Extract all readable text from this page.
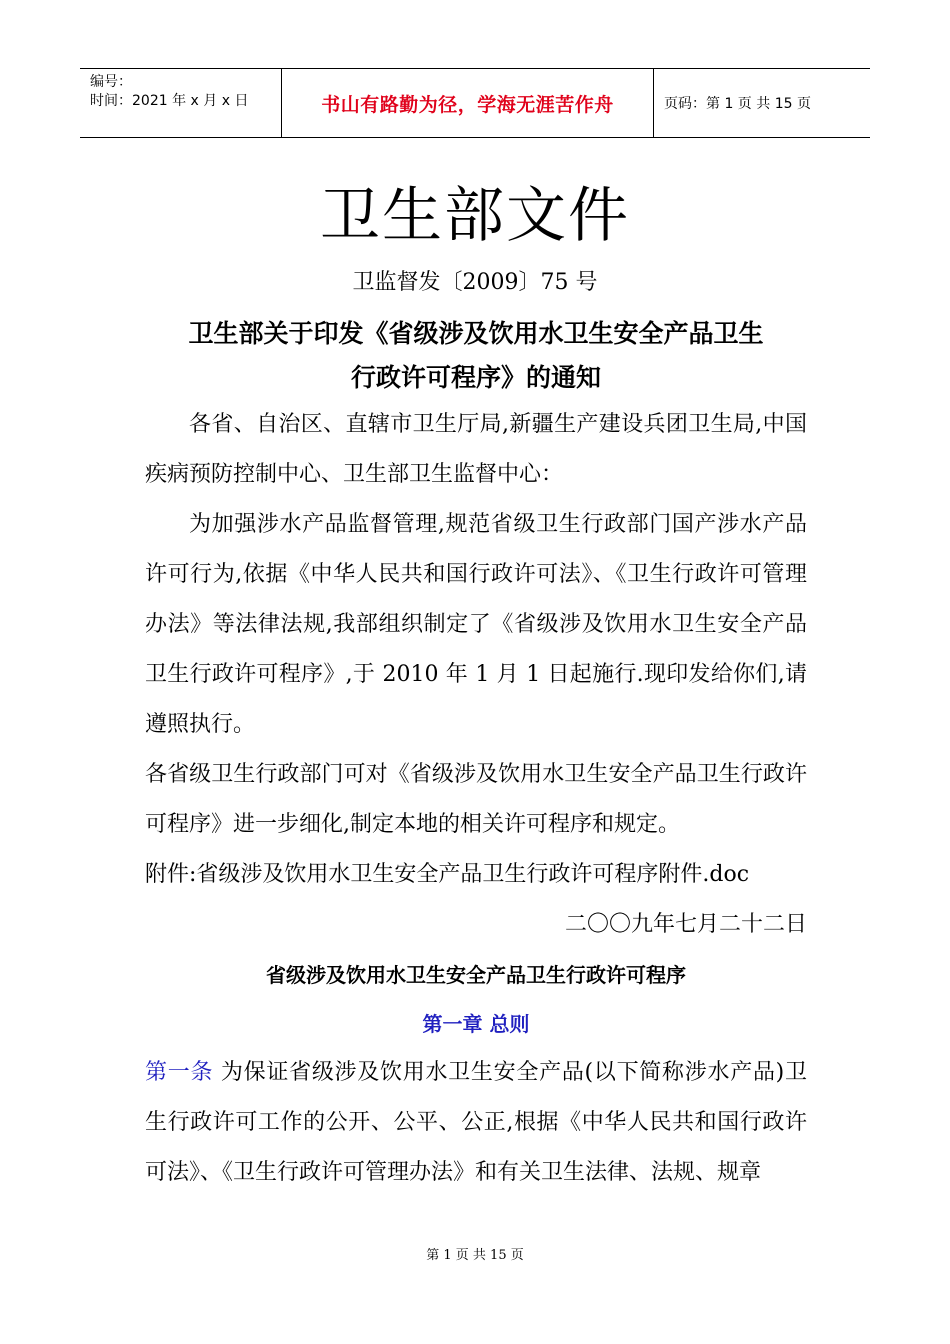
编号：
时间：2021 年 x 月 x 日	书山有路勤为径，学海无涯苦作舟	页码：第 1 页 共 15 页
卫生部文件
卫监督发〔2009〕75 号

卫生部关于印发《省级涉及饮用水卫生安全产品卫生

行政许可程序》的通知

各省、自治区、直辖市卫生厅局,新疆生产建设兵团卫生局,中国疾病预防控制中心、卫生部卫生监督中心：

为加强涉水产品监督管理,规范省级卫生行政部门国产涉水产品许可行为,依据《中华人民共和国行政许可法》、《卫生行政许可管理办法》等法律法规,我部组织制定了《省级涉及饮用水卫生安全产品卫生行政许可程序》,于 2010 年 1 月 1 日起施行.现印发给你们,请遵照执行。

各省级卫生行政部门可对《省级涉及饮用水卫生安全产品卫生行政许可程序》进一步细化,制定本地的相关许可程序和规定。

附件:省级涉及饮用水卫生安全产品卫生行政许可程序附件.doc

二〇〇九年七月二十二日

省级涉及饮用水卫生安全产品卫生行政许可程序

第一章 总则

第一条 为保证省级涉及饮用水卫生安全产品(以下简称涉水产品)卫生行政许可工作的公开、公平、公正,根据《中华人民共和国行政许可法》、《卫生行政许可管理办法》和有关卫生法律、法规、规章

第 1 页 共 15 页
